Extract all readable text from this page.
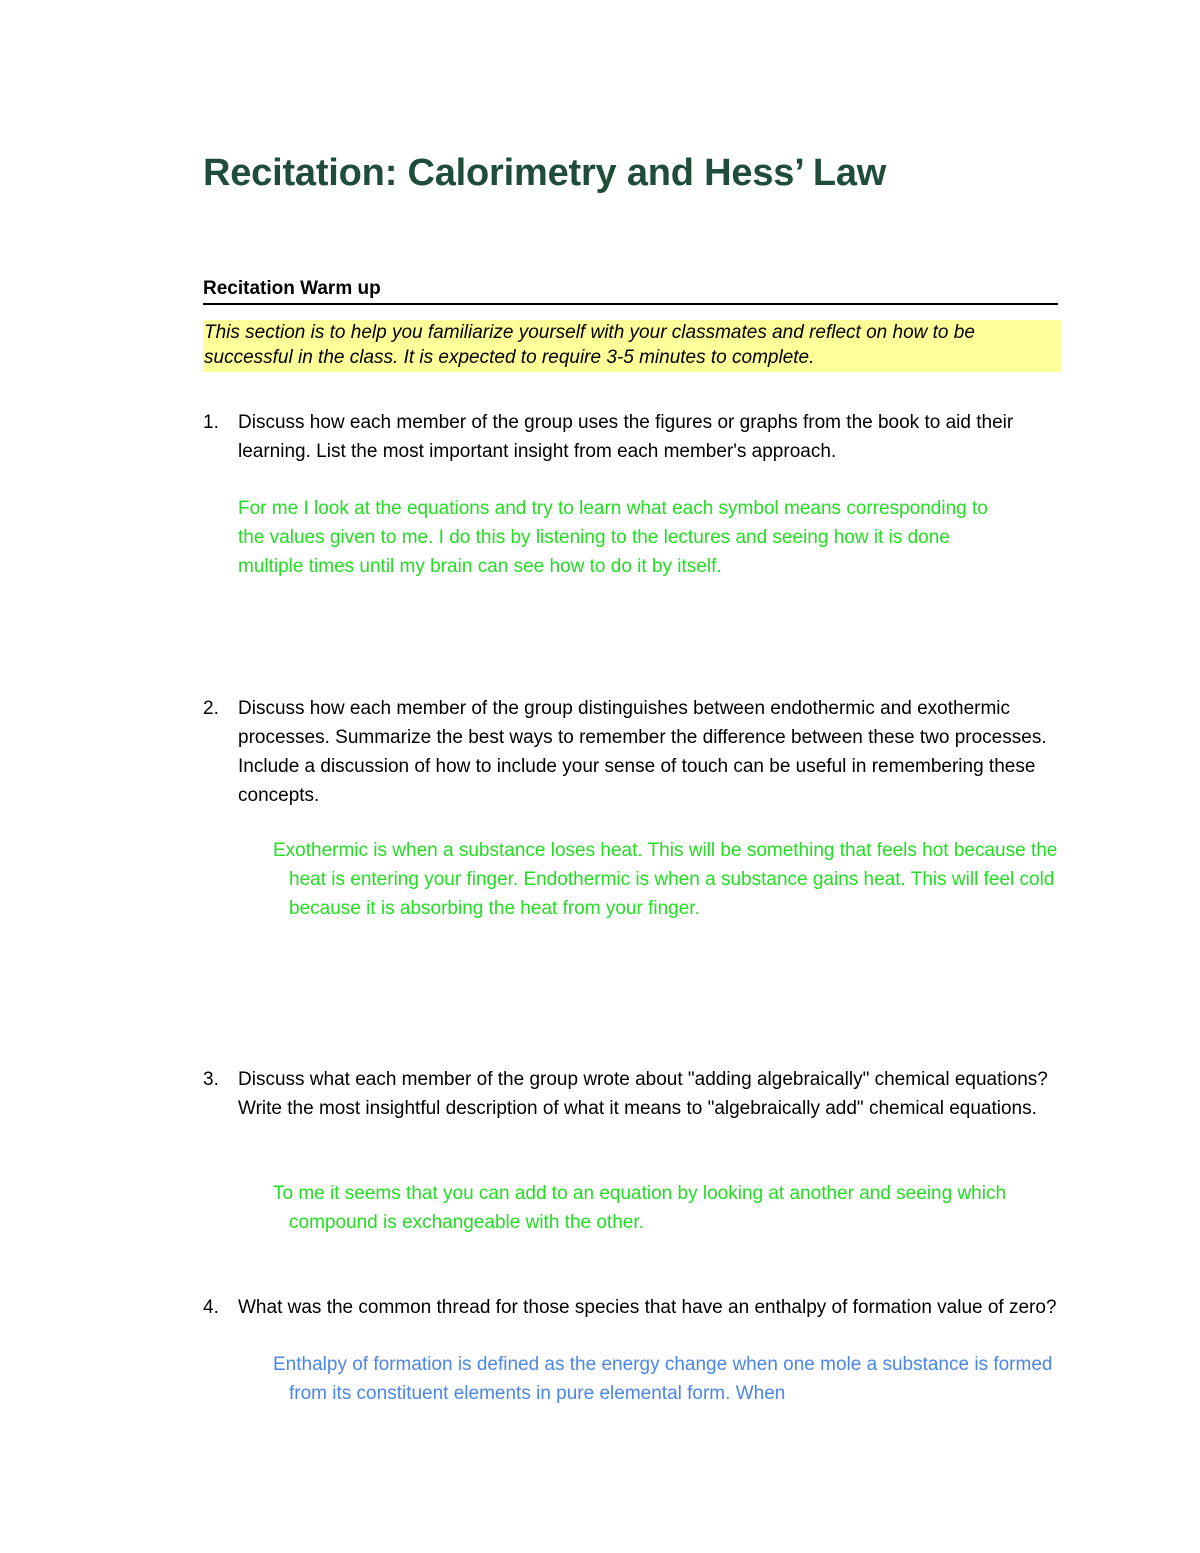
Recitation: Calorimetry and Hess’ Law
Recitation Warm up

This section is to help you familiarize yourself with your classmates and reflect on how to be successful in the class. It is expected to require 3-5 minutes to complete.

1. Discuss how each member of the group uses the figures or graphs from the book to aid their learning. List the most important insight from each member's approach.

For me I look at the equations and try to learn what each symbol means corresponding to the values given to me. I do this by listening to the lectures and seeing how it is done multiple times until my brain can see how to do it by itself.

2. Discuss how each member of the group distinguishes between endothermic and exothermic processes. Summarize the best ways to remember the difference between these two processes. Include a discussion of how to include your sense of touch can be useful in remembering these concepts.

Exothermic is when a substance loses heat. This will be something that feels hot because the heat is entering your finger. Endothermic is when a substance gains heat. This will feel cold because it is absorbing the heat from your finger.

3. Discuss what each member of the group wrote about "adding algebraically" chemical equations? Write the most insightful description of what it means to "algebraically add" chemical equations.

To me it seems that you can add to an equation by looking at another and seeing which compound is exchangeable with the other.

4. What was the common thread for those species that have an enthalpy of formation value of zero?

Enthalpy of formation is defined as the energy change when one mole a substance is formed from its constituent elements in pure elemental form. When
